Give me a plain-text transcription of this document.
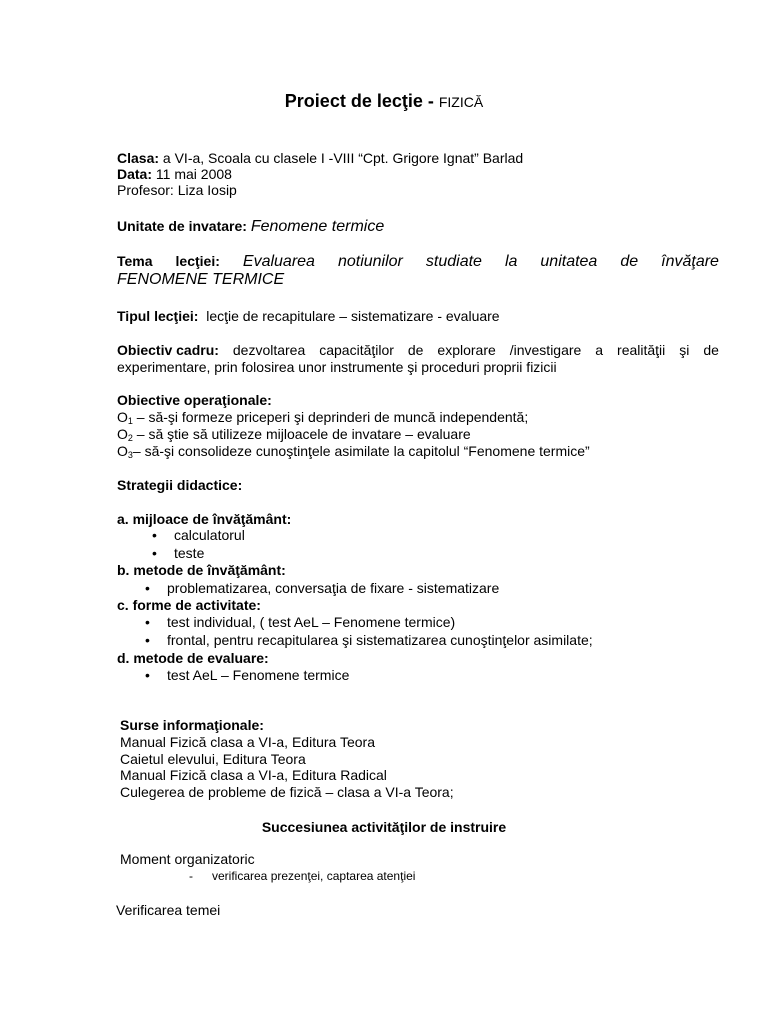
Proiect de lecţie - FIZICĂ
Clasa: a VI-a, Scoala cu clasele I -VIII “Cpt. Grigore Ignat” Barlad
Data: 11 mai 2008
Profesor: Liza Iosip
Unitate de invatare: Fenomene termice
Tema lecţiei: Evaluarea notiunilor studiate la unitatea de învăţare
FENOMENE TERMICE
Tipul lecţiei: lecţie de recapitulare – sistematizare - evaluare
Obiectiv cadru: dezvoltarea capacităţilor de explorare /investigare a realităţii şi de
experimentare, prin folosirea unor instrumente şi proceduri proprii fizicii
Obiective operaţionale:
$O_1$ – să-şi formeze priceperi şi deprinderi de muncă independentă;
$O_2$ – să ştie să utilizeze mijloacele de invatare – evaluare
$O_3-$ să-şi consolideze cunoştinţele asimilate la capitolul “Fenomene termice”
Strategii didactice:
a. mijloace de învăţământ:
• calculatorul
• teste
b. metode de învăţământ:
• problematizarea, conversaţia de fixare - sistematizare
c. forme de activitate:
• test individual, ( test AeL – Fenomene termice)
• frontal, pentru recapitularea şi sistematizarea cunoştinţelor asimilate;
d. metode de evaluare:
• test AeL – Fenomene termice
Surse informaţionale:
Manual Fizică clasa a VI-a, Editura Teora
Caietul elevului, Editura Teora
Manual Fizică clasa a VI-a, Editura Radical
Culegerea de probleme de fizică – clasa a VI-a Teora;
Succesiunea activităţilor de instruire
Moment organizatoric
- verificarea prezenţei, captarea atenţiei
Verificarea temei
